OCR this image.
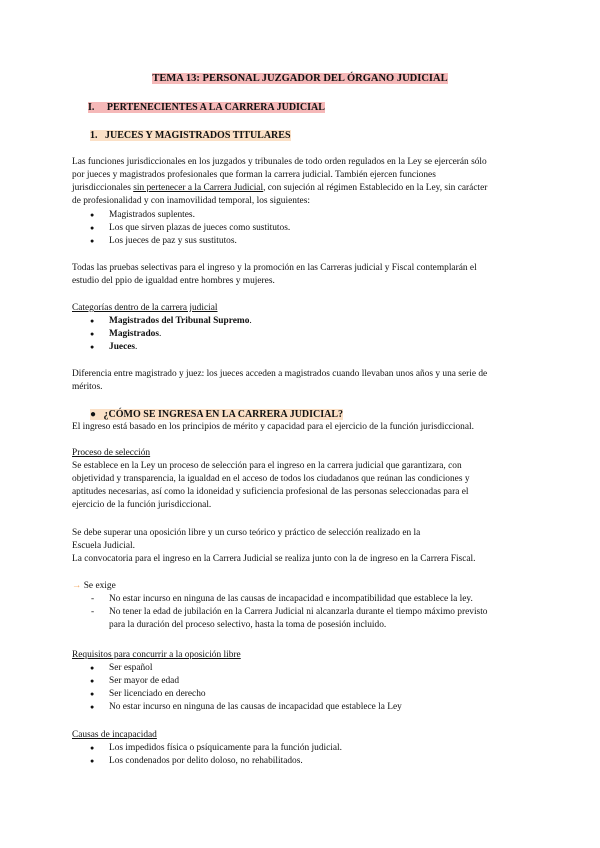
TEMA 13: PERSONAL JUZGADOR DEL ÓRGANO JUDICIAL
I. PERTENECIENTES A LA CARRERA JUDICIAL
1. JUECES Y MAGISTRADOS TITULARES

Las funciones jurisdiccionales en los juzgados y tribunales de todo orden regulados en la Ley se ejercerán sólo

por jueces y magistrados profesionales que forman la carrera judicial. También ejercen funciones

jurisdiccionales sin pertenecer a la Carrera Judicial, con sujeción al régimen Establecido en la Ley, sin carácter

de profesionalidad y con inamovilidad temporal, los siguientes:

● Magistrados suplentes.
● Los que sirven plazas de jueces como sustitutos.
● Los jueces de paz y sus sustitutos.

Todas las pruebas selectivas para el ingreso y la promoción en las Carreras judicial y Fiscal contemplarán el

estudio del ppio de igualdad entre hombres y mujeres.

Categorías dentro de la carrera judicial

● Magistrados del Tribunal Supremo.
● Magistrados.
● Jueces.

Diferencia entre magistrado y juez: los jueces acceden a magistrados cuando llevaban unos años y una serie de

méritos.

●   ¿CÓMO SE INGRESA EN LA CARRERA JUDICIAL?

El ingreso está basado en los principios de mérito y capacidad para el ejercicio de la función jurisdiccional.

Proceso de selección

Se establece en la Ley un proceso de selección para el ingreso en la carrera judicial que garantizara, con

objetividad y transparencia, la igualdad en el acceso de todos los ciudadanos que reúnan las condiciones y

aptitudes necesarias, así como la idoneidad y suficiencia profesional de las personas seleccionadas para el

ejercicio de la función jurisdiccional.

Se debe superar una oposición libre y un curso teórico y práctico de selección realizado en la

Escuela Judicial.

La convocatoria para el ingreso en la Carrera Judicial se realiza junto con la de ingreso en la Carrera Fiscal.

→ Se exige

- No estar incurso en ninguna de las causas de incapacidad e incompatibilidad que establece la ley.
- No tener la edad de jubilación en la Carrera Judicial ni alcanzarla durante el tiempo máximo previsto
para la duración del proceso selectivo, hasta la toma de posesión incluido.

Requisitos para concurrir a la oposición libre

● Ser español
● Ser mayor de edad
● Ser licenciado en derecho
● No estar incurso en ninguna de las causas de incapacidad que establece la Ley

Causas de incapacidad

● Los impedidos física o psíquicamente para la función judicial.
● Los condenados por delito doloso, no rehabilitados.
